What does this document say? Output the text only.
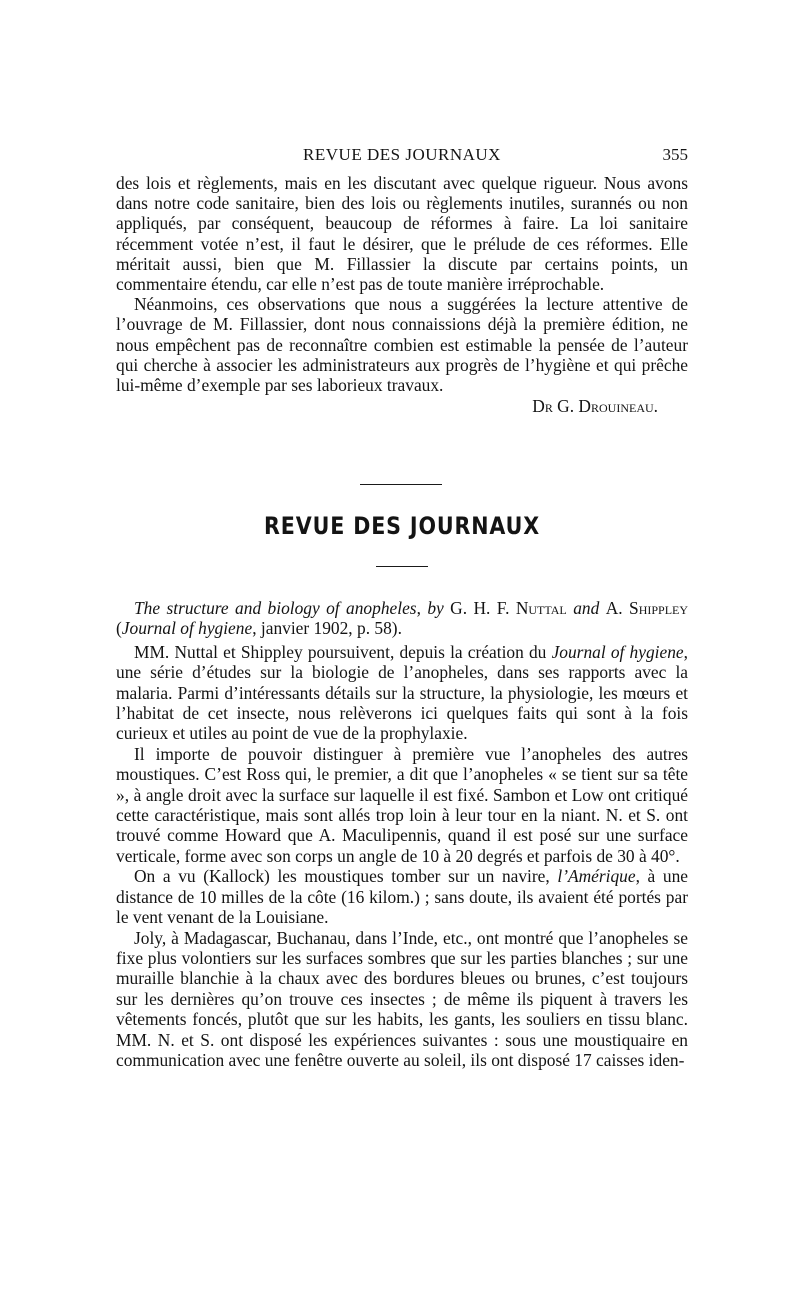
REVUE DES JOURNAUX	355

des lois et règlements, mais en les discutant avec quelque rigueur. Nous avons dans notre code sanitaire, bien des lois ou règlements inutiles, surannés ou non appliqués, par conséquent, beaucoup de réformes à faire. La loi sanitaire récemment votée n’est, il faut le désirer, que le prélude de ces réformes. Elle méritait aussi, bien que M. Fillassier la discute par certains points, un commentaire étendu, car elle n’est pas de toute manière irréprochable.

Néanmoins, ces observations que nous a suggérées la lecture attentive de l’ouvrage de M. Fillassier, dont nous connaissions déjà la première édition, ne nous empêchent pas de reconnaître combien est estimable la pensée de l’auteur qui cherche à associer les administrateurs aux progrès de l’hygiène et qui prêche lui-même d’exemple par ses laborieux travaux.

Dr G. Drouineau.
REVUE DES JOURNAUX

The structure and biology of anopheles, by G. H. F. Nuttal and A. Shippley (Journal of hygiene, janvier 1902, p. 58).

MM. Nuttal et Shippley poursuivent, depuis la création du Journal of hygiene, une série d’études sur la biologie de l’anopheles, dans ses rapports avec la malaria. Parmi d’intéressants détails sur la structure, la physiologie, les mœurs et l’habitat de cet insecte, nous relèverons ici quelques faits qui sont à la fois curieux et utiles au point de vue de la prophylaxie.

Il importe de pouvoir distinguer à première vue l’anopheles des autres moustiques. C’est Ross qui, le premier, a dit que l’anopheles « se tient sur sa tête », à angle droit avec la surface sur laquelle il est fixé. Sambon et Low ont critiqué cette caractéristique, mais sont allés trop loin à leur tour en la niant. N. et S. ont trouvé comme Howard que A. Maculipennis, quand il est posé sur une surface verticale, forme avec son corps un angle de 10 à 20 degrés et parfois de 30 à 40°.

On a vu (Kallock) les moustiques tomber sur un navire, l’Amérique, à une distance de 10 milles de la côte (16 kilom.) ; sans doute, ils avaient été portés par le vent venant de la Louisiane.

Joly, à Madagascar, Buchanau, dans l’Inde, etc., ont montré que l’anopheles se fixe plus volontiers sur les surfaces sombres que sur les parties blanches ; sur une muraille blanchie à la chaux avec des bordures bleues ou brunes, c’est toujours sur les dernières qu’on trouve ces insectes ; de même ils piquent à travers les vêtements foncés, plutôt que sur les habits, les gants, les souliers en tissu blanc. MM. N. et S. ont disposé les expériences suivantes : sous une moustiquaire en communication avec une fenêtre ouverte au soleil, ils ont disposé 17 caisses iden-
